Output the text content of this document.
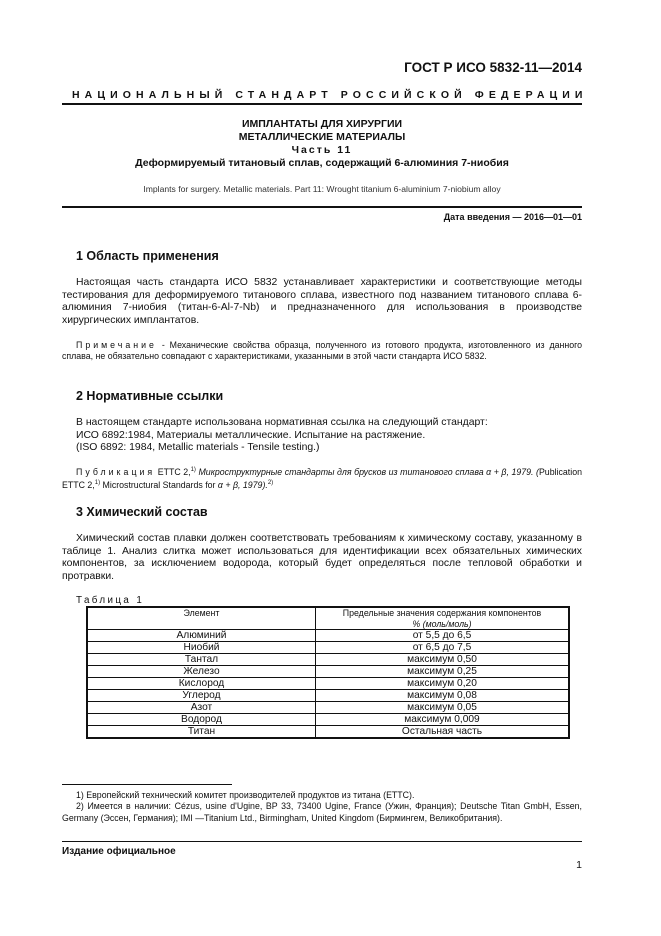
ГОСТ Р ИСО 5832-11—2014
НАЦИОНАЛЬНЫЙ СТАНДАРТ РОССИЙСКОЙ ФЕДЕРАЦИИ
ИМПЛАНТАТЫ ДЛЯ ХИРУРГИИ
МЕТАЛЛИЧЕСКИЕ МАТЕРИАЛЫ
Часть 11
Деформируемый титановый сплав, содержащий 6-алюминия 7-ниобия
Implants for surgery. Metallic materials. Part 11: Wrought titanium 6-aluminium 7-niobium alloy
Дата введения — 2016—01—01
1 Область применения
Настоящая часть стандарта ИСО 5832 устанавливает характеристики и соответствующие методы тестирования для деформируемого титанового сплава, известного под названием титанового сплава 6-алюминия 7-ниобия (титан-6-Al-7-Nb) и предназначенного для использования в производстве хирургических имплантатов.
Примечание - Механические свойства образца, полученного из готового продукта, изготовленного из данного сплава, не обязательно совпадают с характеристиками, указанными в этой части стандарта ИСО 5832.
2 Нормативные ссылки
В настоящем стандарте использована нормативная ссылка на следующий стандарт:
ИСО 6892:1984, Материалы металлические. Испытание на растяжение.
(ISO 6892: 1984, Metallic materials - Tensile testing.)
Публикация ETTC 2,$^{1)}$ Микроструктурные стандарты для брусков из титанового сплава α + β, 1979. (Publication ETTC 2,$^{1)}$ Microstructural Standards for α + β, 1979).$^{2)}$
3 Химический состав
Химический состав плавки должен соответствовать требованиям к химическому составу, указанному в таблице 1. Анализ слитка может использоваться для идентификации всех обязательных химических компонентов, за исключением водорода, который будет определяться после тепловой обработки и протравки.
Таблица 1
Элемент	Предельные значения содержания компонентов
% (моль/моль)
Алюминий	от 5,5 до 6,5
Ниобий	от 6,5 до 7,5
Тантал	максимум 0,50
Железо	максимум 0,25
Кислород	максимум 0,20
Углерод	максимум 0,08
Азот	максимум 0,05
Водород	максимум 0,009
Титан	Остальная часть
1) Европейский технический комитет производителей продуктов из титана (ETTC).
2) Имеется в наличии: Cézus, usine d'Ugine, BP 33, 73400 Ugine, France (Ужин, Франция); Deutsche Titan GmbH, Essen, Germany (Эссен, Германия); IMI —Titanium Ltd., Birmingham, United Kingdom (Бирмингем, Великобритания).
Издание официальное
1
